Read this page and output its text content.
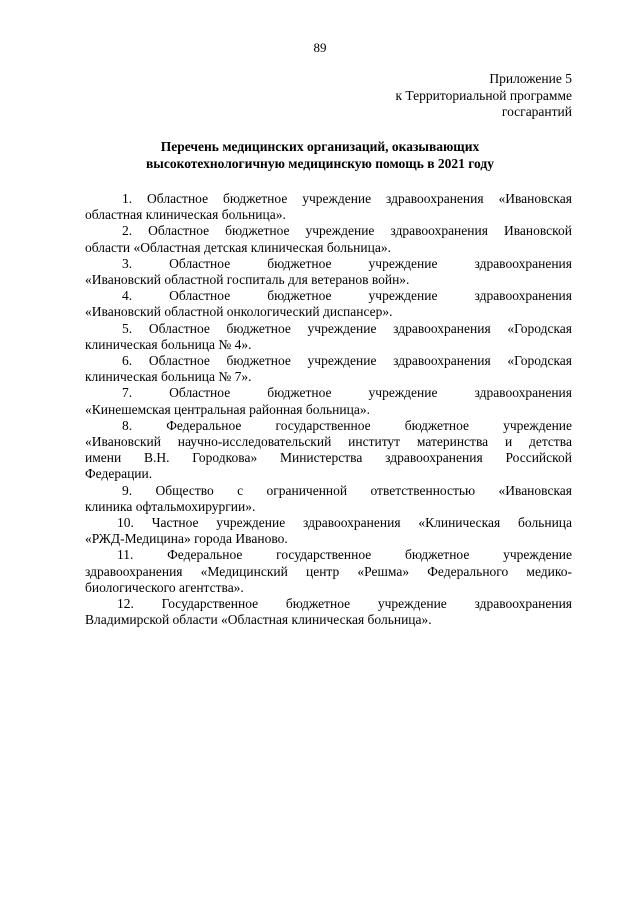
89
Приложение 5
к Территориальной программе
госгарантий
Перечень медицинских организаций, оказывающих
высокотехнологичную медицинскую помощь в 2021 году
1. Областное бюджетное учреждение здравоохранения «Ивановская
областная клиническая больница».
2. Областное бюджетное учреждение здравоохранения Ивановской
области «Областная детская клиническая больница».
3.	Областное бюджетное учреждение здравоохранения
«Ивановский областной госпиталь для ветеранов войн».
4.	Областное бюджетное учреждение здравоохранения
«Ивановский областной онкологический диспансер».
5. Областное бюджетное учреждение здравоохранения «Городская
клиническая больница № 4».
6. Областное бюджетное учреждение здравоохранения «Городская
клиническая больница № 7».
7.	Областное бюджетное учреждение здравоохранения
«Кинешемская центральная районная больница».
8.	Федеральное государственное бюджетное учреждение
«Ивановский научно-исследовательский институт материнства и детства
имени В.Н. Городкова» Министерства здравоохранения Российской
Федерации.
9. Общество с ограниченной ответственностью «Ивановская
клиника офтальмохирургии».
10. Частное учреждение здравоохранения «Клиническая больница
«РЖД-Медицина» города Иваново.
11.	Федеральное государственное бюджетное учреждение
здравоохранения «Медицинский центр «Решма» Федерального медико-
биологического агентства».
12. Государственное бюджетное учреждение здравоохранения
Владимирской области «Областная клиническая больница».
